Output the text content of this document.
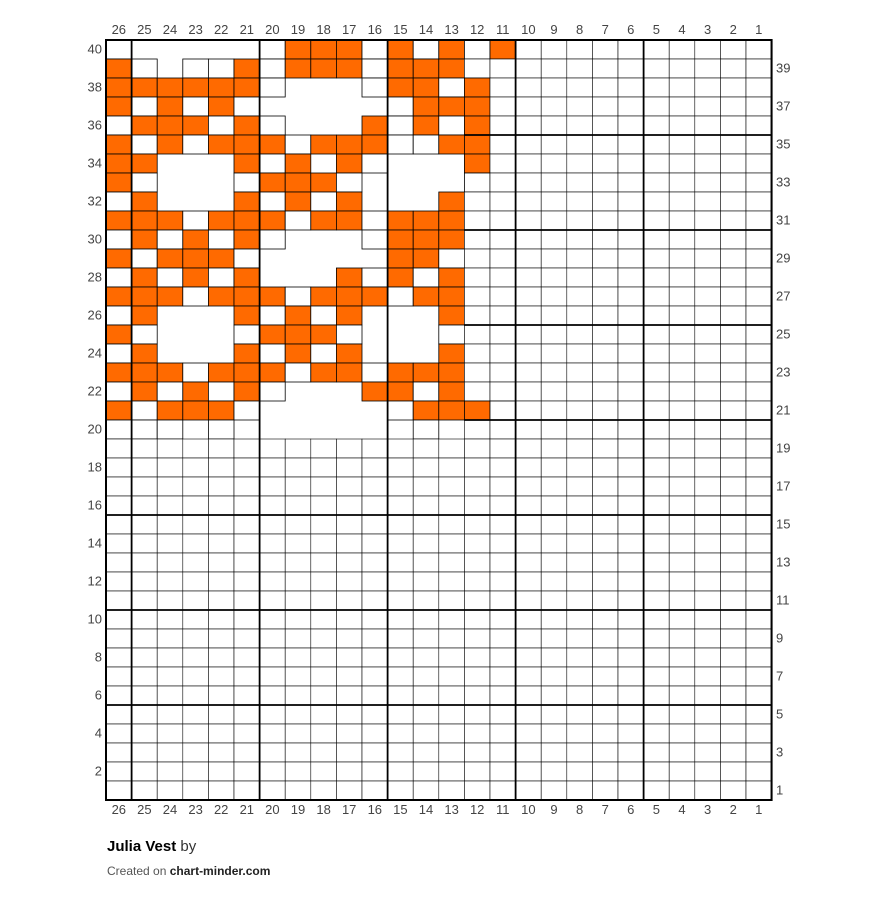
26
26
25
25
24
24
23
23
22
22
21
21
20
20
19
19
18
18
17
17
16
16
15
15
14
14
13
13
12
12
11
11
10
10
9
9
8
8
7
7
6
6
5
5
4
4
3
3
2
2
1
1
40
38
36
34
32
30
28
26
24
22
20
18
16
14
12
10
8
6
4
2
39
37
35
33
31
29
27
25
23
21
19
17
15
13
11
9
7
5
3
1
Julia Vest by
Created on chart-minder.com
